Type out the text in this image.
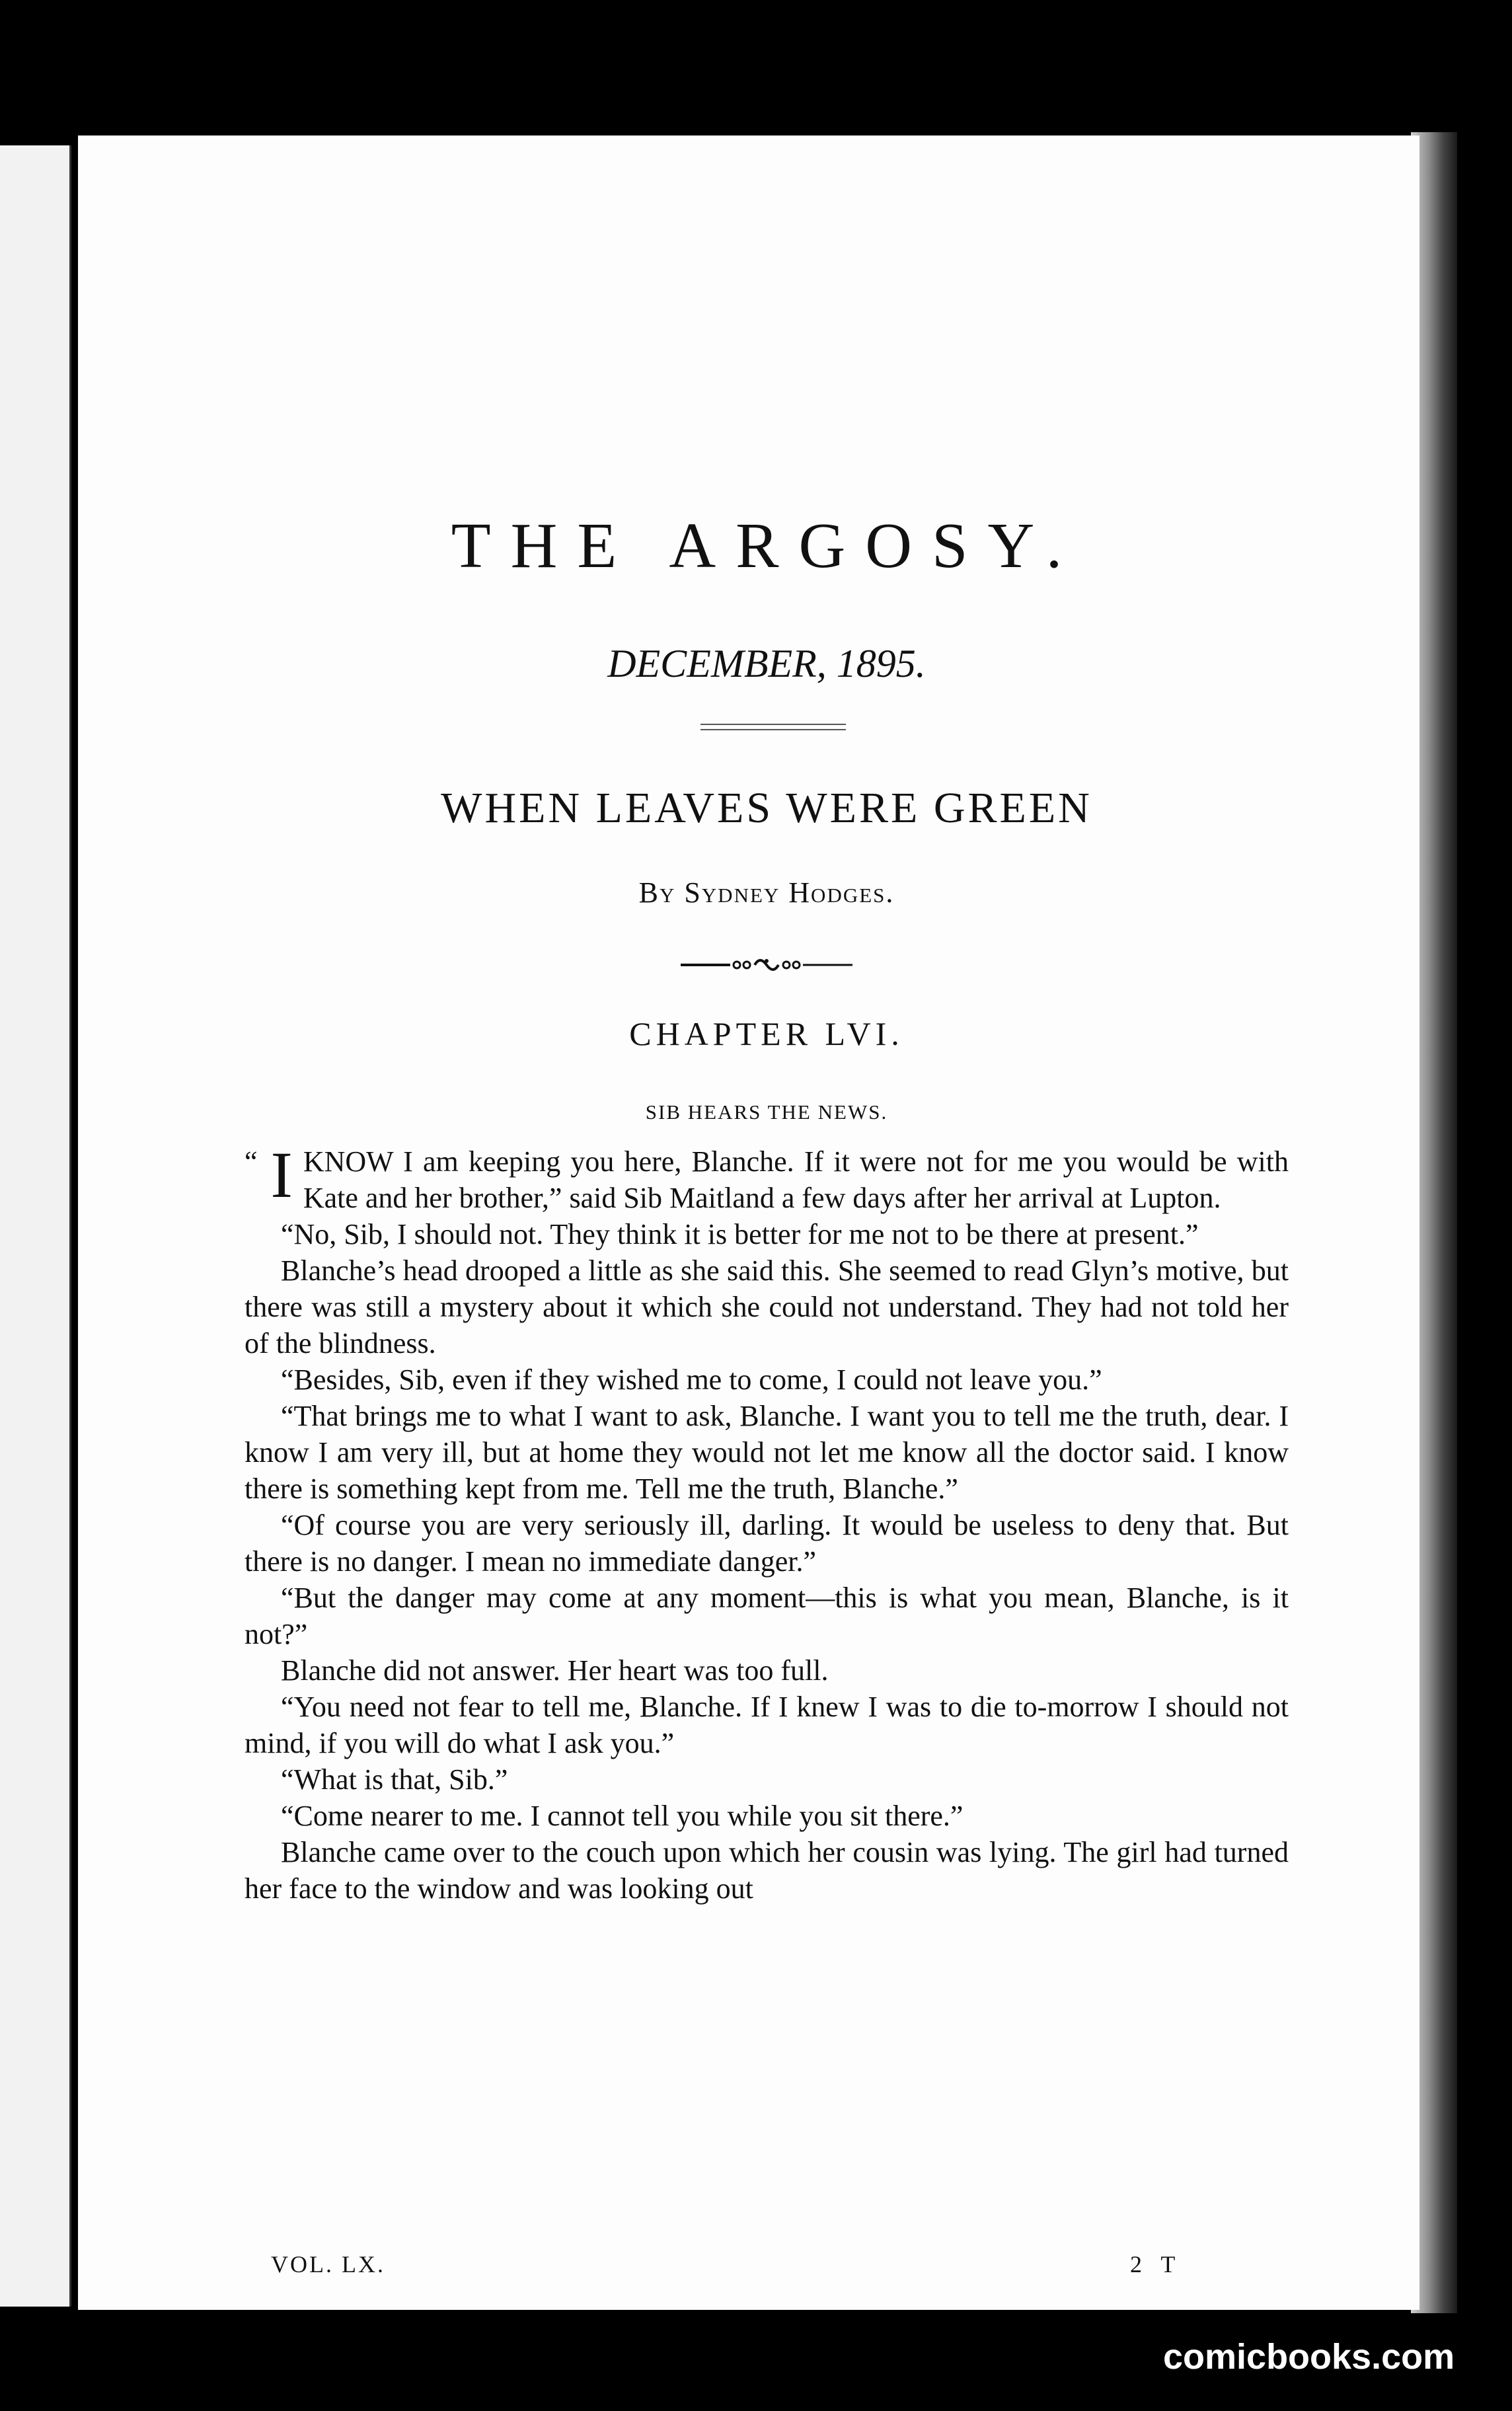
THE ARGOSY.
DECEMBER, 1895.
WHEN LEAVES WERE GREEN
By Sydney Hodges.
CHAPTER LVI.
SIB HEARS THE NEWS.

“ I KNOW I am keeping you here, Blanche. If it were not for me you would be with Kate and her brother,” said Sib Maitland a few days after her arrival at Lupton.

“No, Sib, I should not. They think it is better for me not to be there at present.”

Blanche’s head drooped a little as she said this. She seemed to read Glyn’s motive, but there was still a mystery about it which she could not understand. They had not told her of the blindness.

“Besides, Sib, even if they wished me to come, I could not leave you.”

“That brings me to what I want to ask, Blanche. I want you to tell me the truth, dear. I know I am very ill, but at home they would not let me know all the doctor said. I know there is something kept from me. Tell me the truth, Blanche.”

“Of course you are very seriously ill, darling. It would be useless to deny that. But there is no danger. I mean no immediate danger.”

“But the danger may come at any moment—this is what you mean, Blanche, is it not?”

Blanche did not answer. Her heart was too full.

“You need not fear to tell me, Blanche. If I knew I was to die to-morrow I should not mind, if you will do what I ask you.”

“What is that, Sib.”

“Come nearer to me. I cannot tell you while you sit there.”

Blanche came over to the couch upon which her cousin was lying. The girl had turned her face to the window and was looking out

VOL. LX.	2 T
comicbooks.com
